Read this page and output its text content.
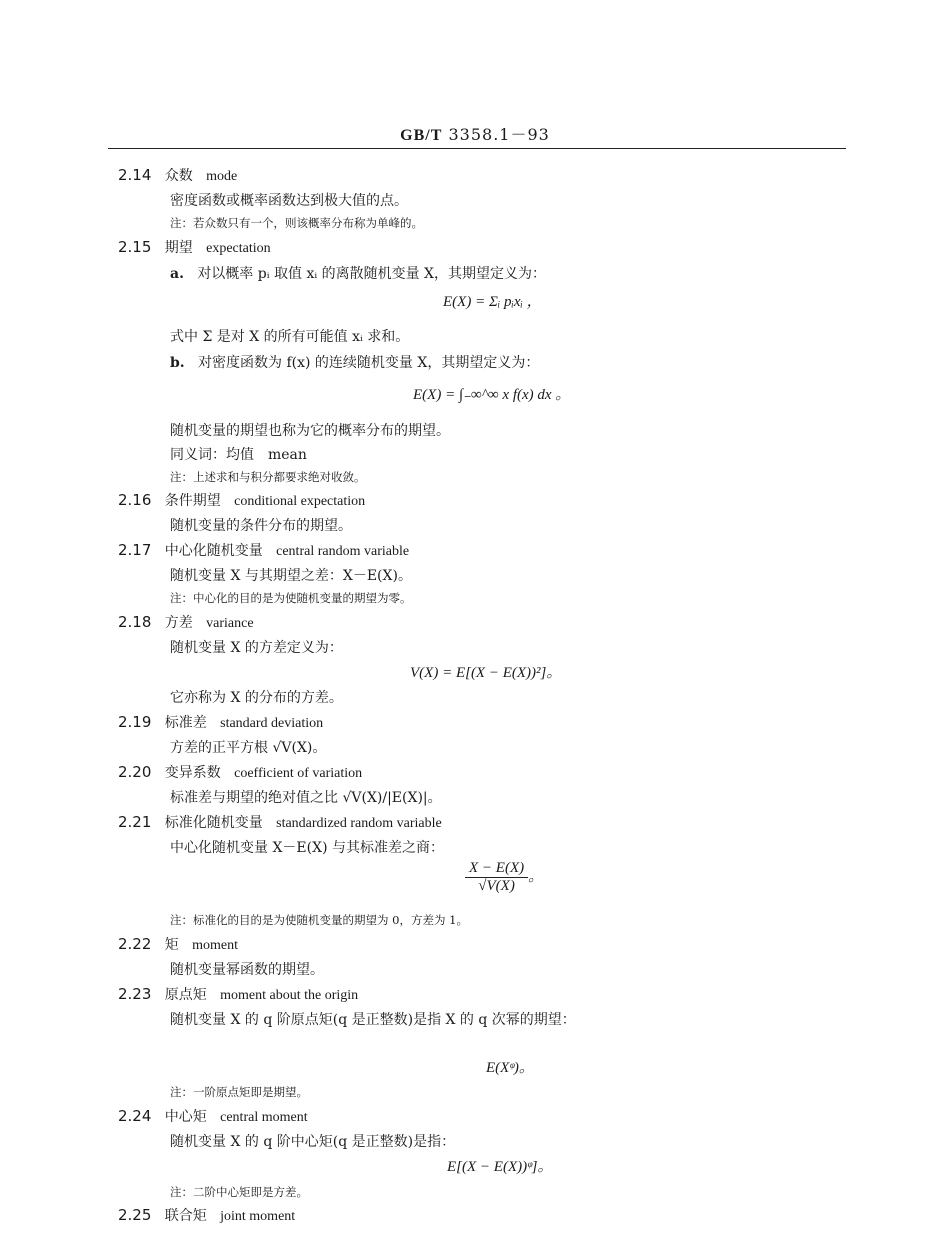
GB/T 3358.1－93
2.14 众数 mode
密度函数或概率函数达到极大值的点。
注：若众数只有一个，则该概率分布称为单峰的。
2.15 期望 expectation
a. 对以概率 pᵢ 取值 xᵢ 的离散随机变量 X，其期望定义为：
E(X) = Σᵢ pᵢxᵢ ，
式中 Σ 是对 X 的所有可能值 xᵢ 求和。
b. 对密度函数为 f(x) 的连续随机变量 X，其期望定义为：
E(X) = ∫₋∞^∞ x f(x) dx 。
随机变量的期望也称为它的概率分布的期望。
同义词：均值　mean
注：上述求和与积分都要求绝对收敛。
2.16 条件期望 conditional expectation
随机变量的条件分布的期望。
2.17 中心化随机变量 central random variable
随机变量 X 与其期望之差：X－E(X)。
注：中心化的目的是为使随机变量的期望为零。
2.18 方差 variance
随机变量 X 的方差定义为：
V(X) = E[(X − E(X))²]。
它亦称为 X 的分布的方差。
2.19 标准差 standard deviation
方差的正平方根 √V(X)。
2.20 变异系数 coefficient of variation
标准差与期望的绝对值之比 √V(X)/|E(X)|。
2.21 标准化随机变量 standardized random variable
中心化随机变量 X－E(X) 与其标准差之商：
$\frac{X - E(X)}{√V(X)}$ 。
注：标准化的目的是为使随机变量的期望为 0，方差为 1。
2.22 矩 moment
随机变量幂函数的期望。
2.23 原点矩 moment about the origin
随机变量 X 的 q 阶原点矩(q 是正整数)是指 X 的 q 次幂的期望：
E(Xᵠ)。
注：一阶原点矩即是期望。
2.24 中心矩 central moment
随机变量 X 的 q 阶中心矩(q 是正整数)是指：
E[(X − E(X))ᵠ]。
注：二阶中心矩即是方差。
2.25 联合矩 joint moment
